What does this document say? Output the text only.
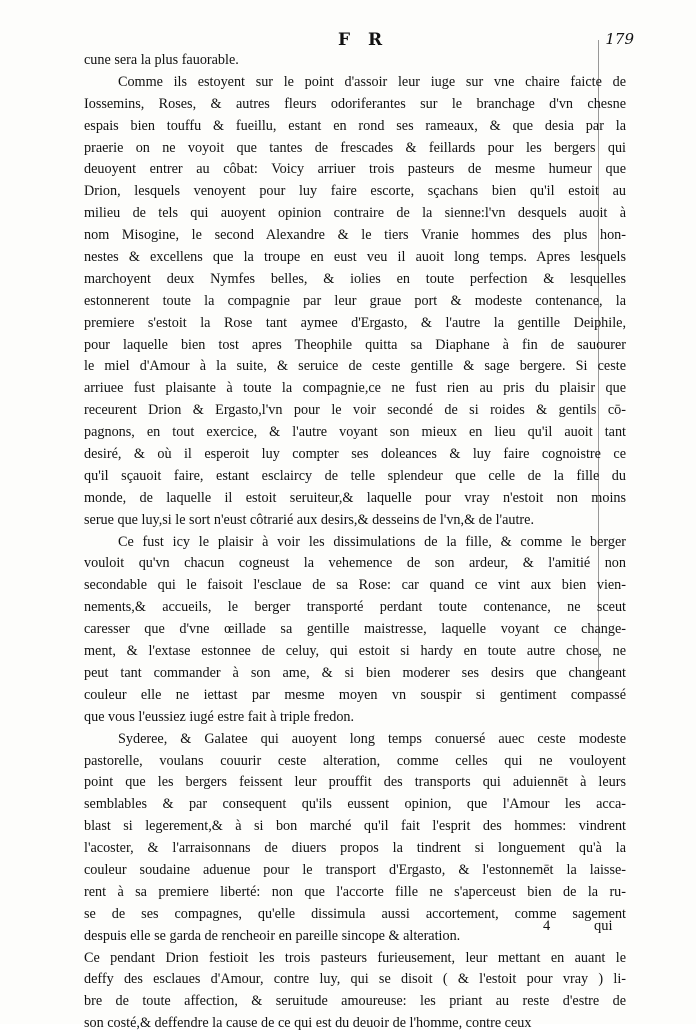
F R	179
cune sera la plus fauorable.
Comme ils estoyent sur le point d'assoir leur iuge sur vne chaire faicte de
Iossemins, Roses, & autres fleurs odoriferantes sur le branchage d'vn chesne
espais bien touffu & fueillu, estant en rond ses rameaux, & que desia par la
praerie on ne voyoit que tantes de frescades & feillards pour les bergers qui
deuoyent entrer au côbat: Voicy arriuer trois pasteurs de mesme humeur que
Drion, lesquels venoyent pour luy faire escorte, sçachans bien qu'il estoit au
milieu de tels qui auoyent opinion contraire de la sienne:l'vn desquels auoit à
nom Misogine, le second Alexandre & le tiers Vranie hommes des plus hon-
nestes & excellens que la troupe en eust veu il auoit long temps. Apres lesquels
marchoyent deux Nymfes belles, & iolies en toute perfection & lesquelles
estonnerent toute la compagnie par leur graue port & modeste contenance, la
premiere s'estoit la Rose tant aymee d'Ergasto, & l'autre la gentille Deiphile,
pour laquelle bien tost apres Theophile quitta sa Diaphane à fin de sauourer
le miel d'Amour à la suite, & seruice de ceste gentille & sage bergere. Si ceste
arriuee fust plaisante à toute la compagnie,ce ne fust rien au pris du plaisir que
receurent Drion & Ergasto,l'vn pour le voir secondé de si roides & gentils cō-
pagnons, en tout exercice, & l'autre voyant son mieux en lieu qu'il auoit tant
desiré, & où il esperoit luy compter ses doleances & luy faire cognoistre ce
qu'il sçauoit faire, estant esclaircy de telle splendeur que celle de la fille du
monde, de laquelle il estoit seruiteur,& laquelle pour vray n'estoit non moins
serue que luy,si le sort n'eust côtrarié aux desirs,& desseins de l'vn,& de l'autre.
Ce fust icy le plaisir à voir les dissimulations de la fille, & comme le berger
vouloit qu'vn chacun cogneust la vehemence de son ardeur, & l'amitié non
secondable qui le faisoit l'esclaue de sa Rose: car quand ce vint aux bien vien-
nements,& accueils, le berger transporté perdant toute contenance, ne sceut
caresser que d'vne œillade sa gentille maistresse, laquelle voyant ce change-
ment, & l'extase estonnee de celuy, qui estoit si hardy en toute autre chose, ne
peut tant commander à son ame, & si bien moderer ses desirs que changeant
couleur elle ne iettast par mesme moyen vn souspir si gentiment compassé
que vous l'eussiez iugé estre fait à triple fredon.
Syderee, & Galatee qui auoyent long temps conuersé auec ceste modeste
pastorelle, voulans couurir ceste alteration, comme celles qui ne vouloyent
point que les bergers feissent leur prouffit des transports qui aduiennēt à leurs
semblables & par consequent qu'ils eussent opinion, que l'Amour les acca-
blast si legerement,& à si bon marché qu'il fait l'esprit des hommes: vindrent
l'acoster, & l'arraisonnans de diuers propos la tindrent si longuement qu'à la
couleur soudaine aduenue pour le transport d'Ergasto, & l'estonnemēt la laisse-
rent à sa premiere liberté: non que l'accorte fille ne s'aperceust bien de la ru-
se de ses compagnes, qu'elle dissimula aussi accortement, comme sagement
despuis elle se garda de rencheoir en pareille sincope & alteration.
Ce pendant Drion festioit les trois pasteurs furieusement, leur mettant en auant le
deffy des esclaues d'Amour, contre luy, qui se disoit ( & l'estoit pour vray ) li-
bre de toute affection, & seruitude amoureuse: les priant au reste d'estre de
son costé,& deffendre la cause de ce qui est du deuoir de l'homme, contre ceux
4	qui
